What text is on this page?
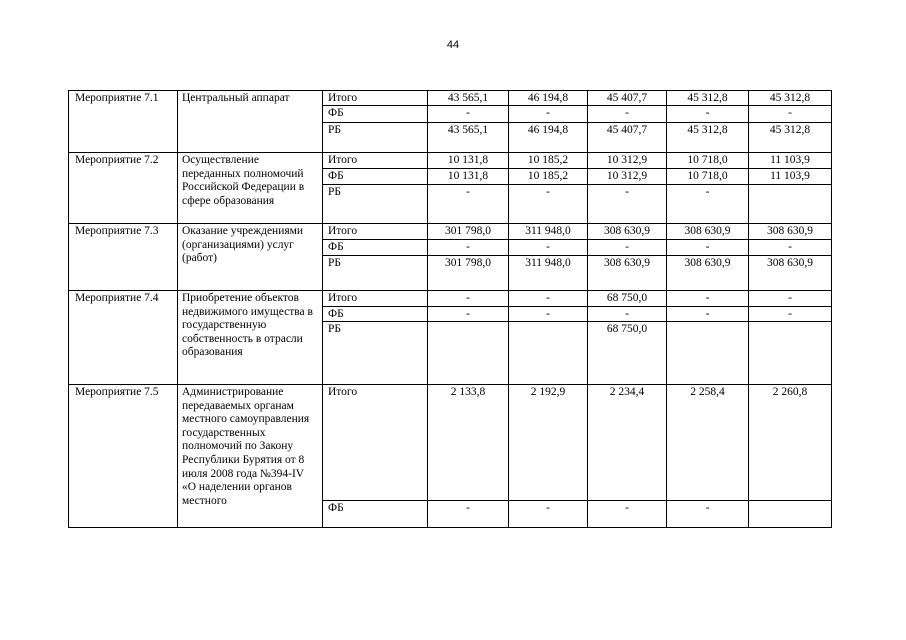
44
Мероприятие 7.1	Центральный аппарат	Итого	43 565,1	46 194,8	45 407,7	45 312,8	45 312,8
		ФБ	-	-	-	-	-
		РБ	43 565,1	46 194,8	45 407,7	45 312,8	45 312,8
Мероприятие 7.2	Осуществление переданных полномочий Российской Федерации в сфере образования	Итого	10 131,8	10 185,2	10 312,9	10 718,0	11 103,9
		ФБ	10 131,8	10 185,2	10 312,9	10 718,0	11 103,9
		РБ	-	-	-	-	
Мероприятие 7.3	Оказание учреждениями (организациями) услуг (работ)	Итого	301 798,0	311 948,0	308 630,9	308 630,9	308 630,9
		ФБ	-	-	-	-	-
		РБ	301 798,0	311 948,0	308 630,9	308 630,9	308 630,9
Мероприятие 7.4	Приобретение объектов недвижимого имущества в государственную собственность в отрасли образования	Итого	-	-	68 750,0	-	-
		ФБ	-	-	-	-	-
		РБ			68 750,0		
Мероприятие 7.5	Администрирование передаваемых органам местного самоуправления государственных полномочий по Закону Республики Бурятия от 8 июля 2008 года №394-IV «О наделении органов местного	Итого	2 133,8	2 192,9	2 234,4	2 258,4	2 260,8
		ФБ	-	-	-	-	
